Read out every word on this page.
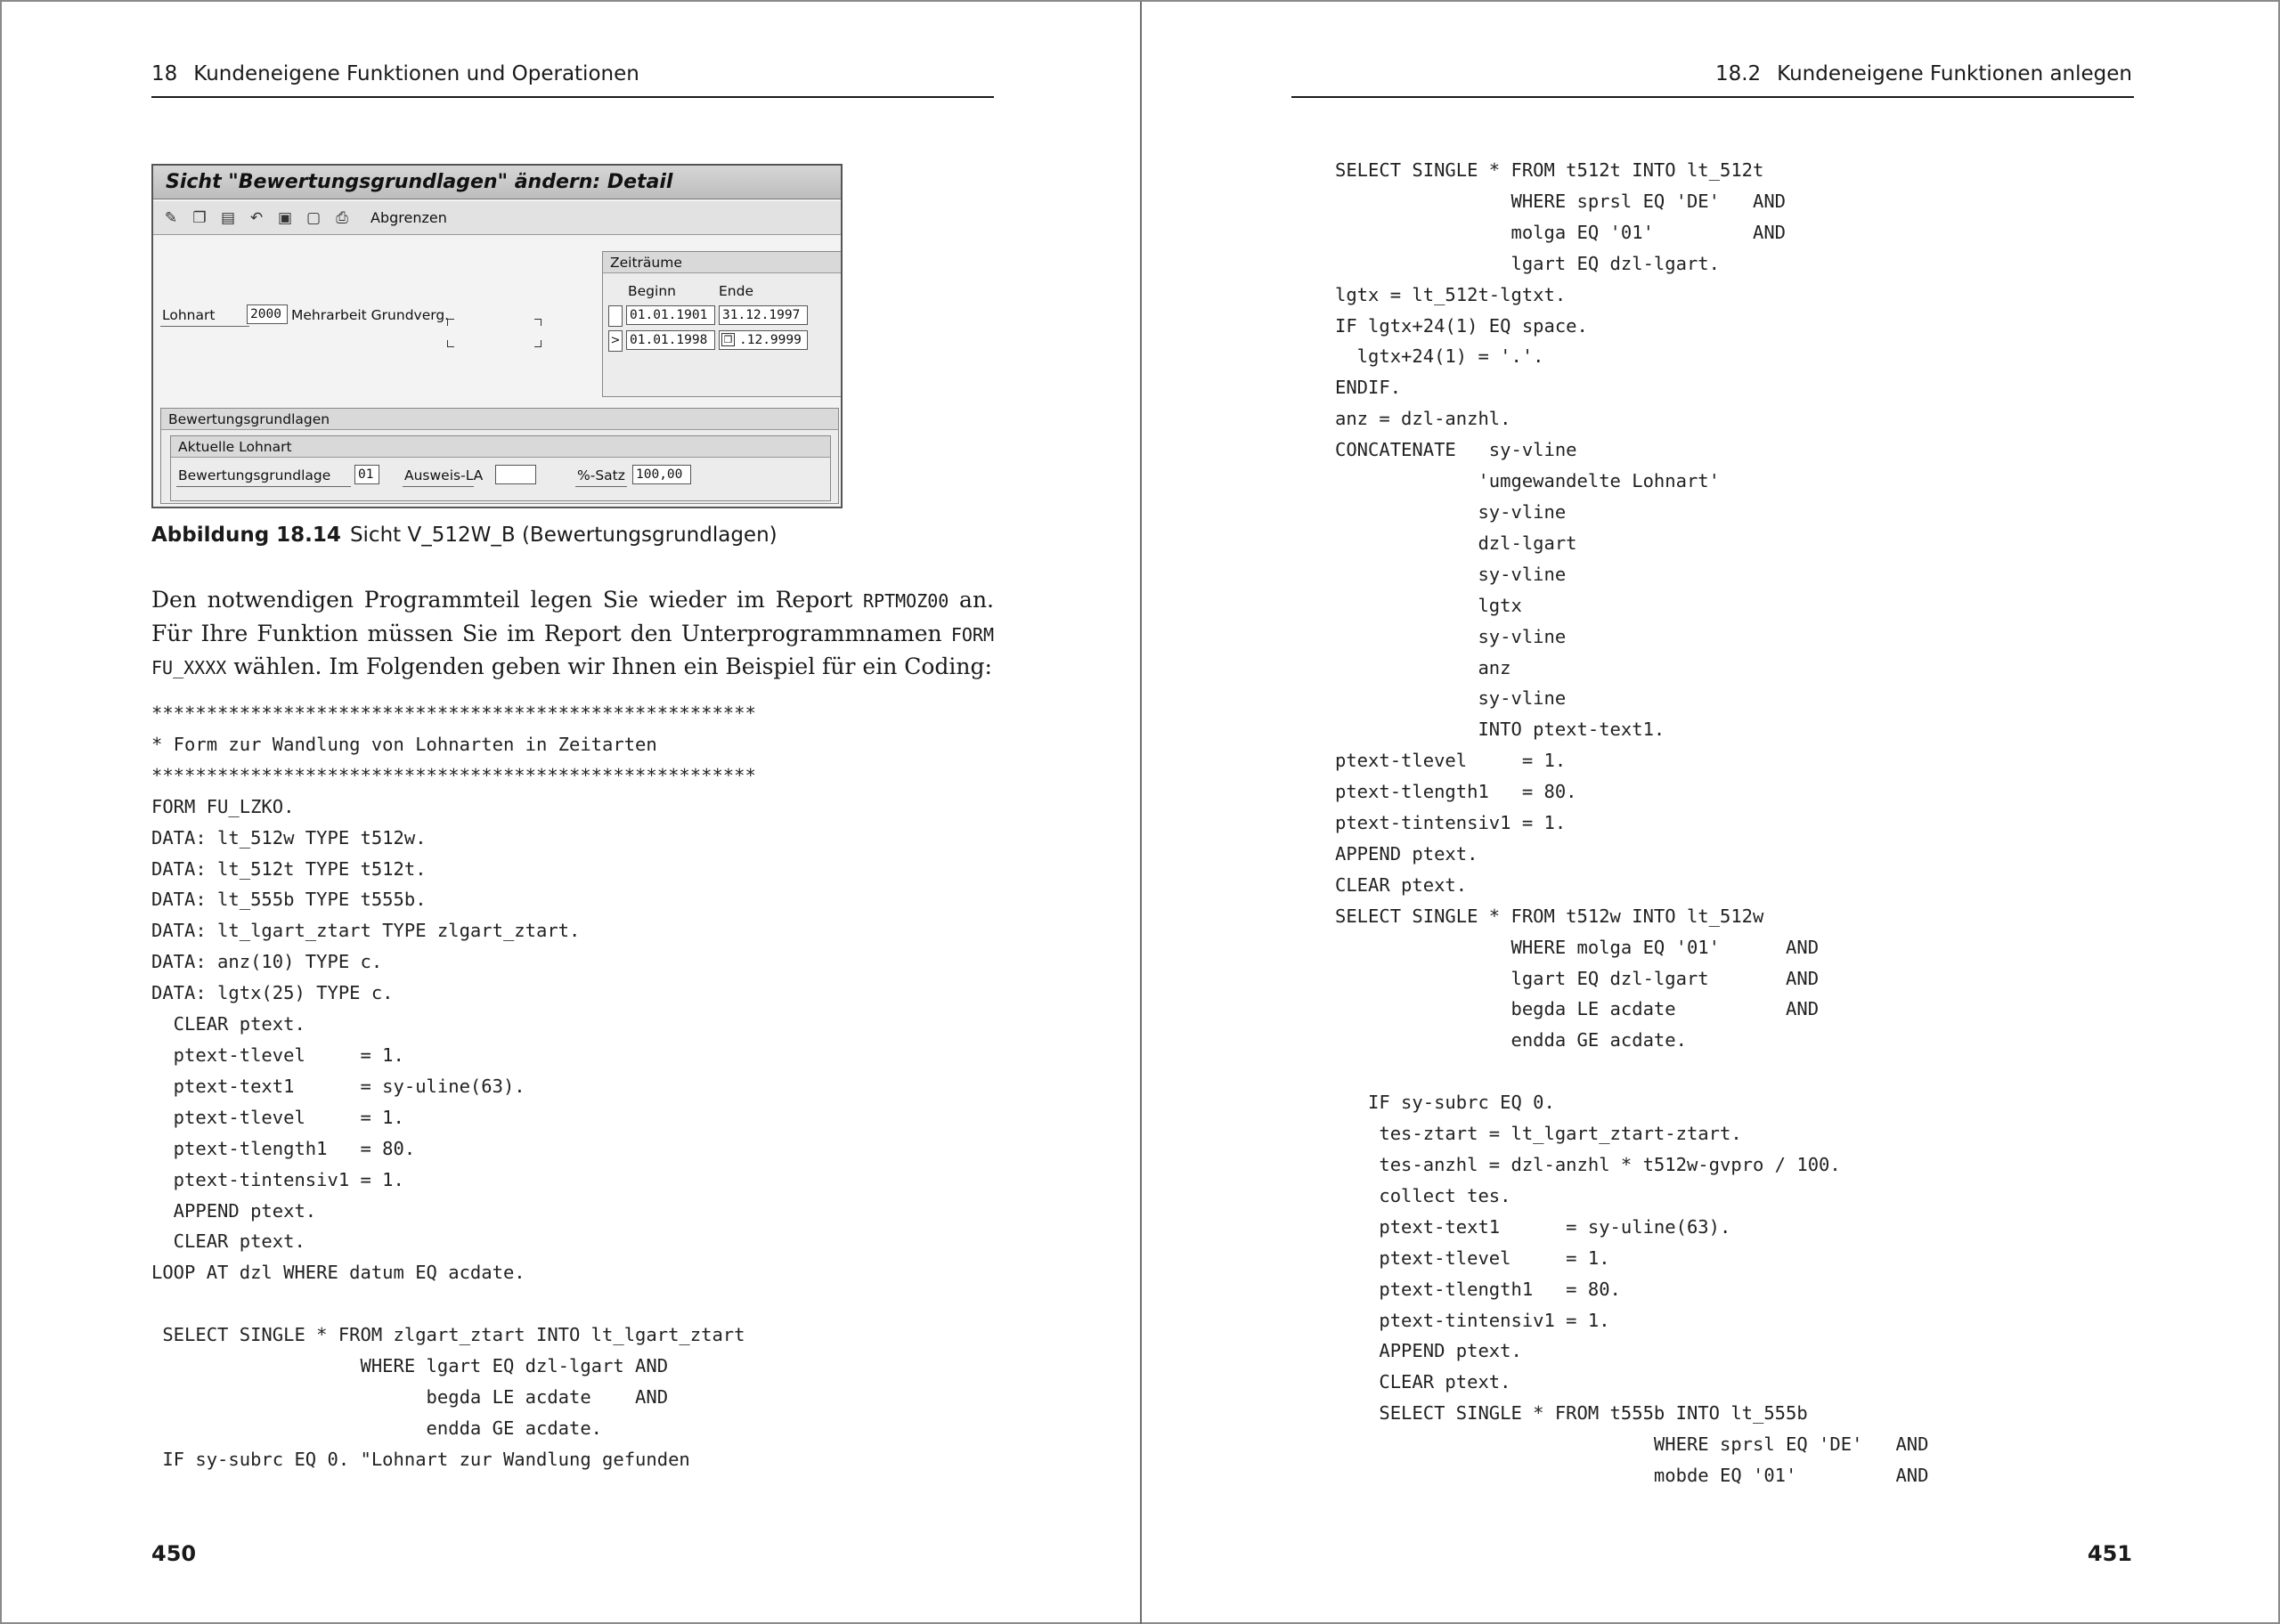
18 Kundeneigene Funktionen und Operationen
Sicht "Bewertungsgrundlagen" ändern: Detail
✎ ❐ ▤ ↶ ▣ ▢ ⎙ Abgrenzen
Lohnart	2000 Mehrarbeit Grundverg.
Zeiträume
Beginn	Ende
01.01.1901	31.12.1997
> 01.01.1998	.12.9999
❐
Bewertungsgrundlagen
Aktuelle Lohnart
Bewertungsgrundlage 01	Ausweis-LA	%-Satz 100,00
Abbildung 18.14 Sicht V_512W_B (Bewertungsgrundlagen)
Den notwendigen Programmteil legen Sie wieder im Report RPTMOZ00 an. Für Ihre Funktion müssen Sie im Report den Unterprogrammnamen FORM FU_XXXX wählen. Im Folgenden geben wir Ihnen ein Beispiel für ein Coding:
*******************************************************
* Form zur Wandlung von Lohnarten in Zeitarten
*******************************************************
FORM FU_LZKO.
DATA: lt_512w TYPE t512w.
DATA: lt_512t TYPE t512t.
DATA: lt_555b TYPE t555b.
DATA: lt_lgart_ztart TYPE zlgart_ztart.
DATA: anz(10) TYPE c.
DATA: lgtx(25) TYPE c.
CLEAR ptext.
ptext-tlevel     = 1.
ptext-text1      = sy-uline(63).
ptext-tlevel     = 1.
ptext-tlength1   = 80.
ptext-tintensiv1 = 1.
APPEND ptext.
CLEAR ptext.
LOOP AT dzl WHERE datum EQ acdate.

SELECT SINGLE * FROM zlgart_ztart INTO lt_lgart_ztart
WHERE lgart EQ dzl-lgart AND
begda LE acdate    AND
endda GE acdate.
IF sy-subrc EQ 0. "Lohnart zur Wandlung gefunden
450
18.2 Kundeneigene Funktionen anlegen
SELECT SINGLE * FROM t512t INTO lt_512t
WHERE sprsl EQ 'DE'   AND
molga EQ '01'         AND
lgart EQ dzl-lgart.
lgtx = lt_512t-lgtxt.
IF lgtx+24(1) EQ space.
lgtx+24(1) = '.'.
ENDIF.
anz = dzl-anzhl.
CONCATENATE   sy-vline
'umgewandelte Lohnart'
sy-vline
dzl-lgart
sy-vline
lgtx
sy-vline
anz
sy-vline
INTO ptext-text1.
ptext-tlevel     = 1.
ptext-tlength1   = 80.
ptext-tintensiv1 = 1.
APPEND ptext.
CLEAR ptext.
SELECT SINGLE * FROM t512w INTO lt_512w
WHERE molga EQ '01'      AND
lgart EQ dzl-lgart       AND
begda LE acdate          AND
endda GE acdate.

IF sy-subrc EQ 0.
tes-ztart = lt_lgart_ztart-ztart.
tes-anzhl = dzl-anzhl * t512w-gvpro / 100.
collect tes.
ptext-text1      = sy-uline(63).
ptext-tlevel     = 1.
ptext-tlength1   = 80.
ptext-tintensiv1 = 1.
APPEND ptext.
CLEAR ptext.
SELECT SINGLE * FROM t555b INTO lt_555b
WHERE sprsl EQ 'DE'   AND
mobde EQ '01'         AND
451
